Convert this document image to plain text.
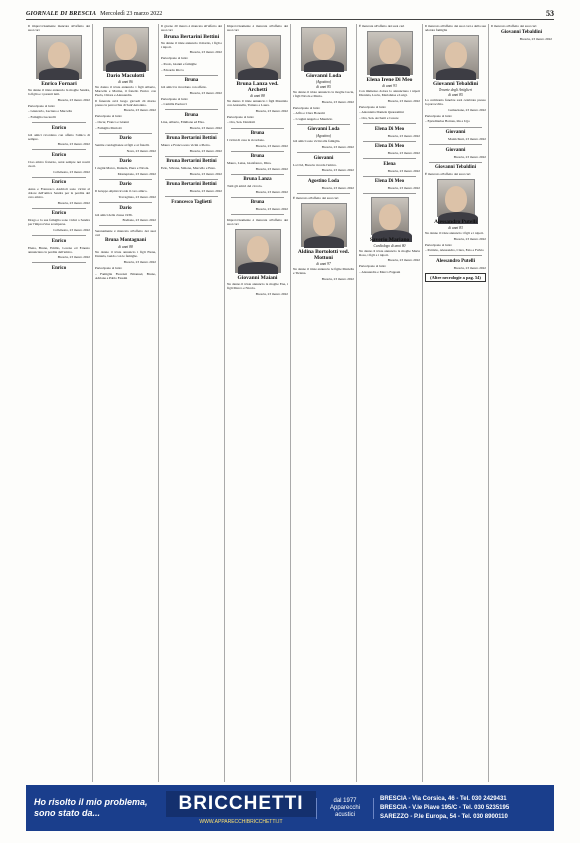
GIORNALE DI BRESCIA Mercoledì 23 marzo 2022	53

Il improvvisamente mancata all'affetto dei suoi cari

Enrico Fornari

Ne danno il triste annuncio la moglie Sandra, la figlia e i parenti tutti.

Brescia, 23 marzo 2022

Partecipano al lutto:

– Giancarlo, Luciano e Marcella

– Famiglia Lucarelli

Enrico

Gli amici ricordano con affetto l'amico di sempre.

Brescia, 23 marzo 2022
Enrico

Ciao amico fraterno, sarai sempre nei nostri cuori.

Collebeato, 23 marzo 2022
Enrico

Anna e Francesco Andrioli sono vicini al dolore dell'amica Sandra per la perdita del caro amico.

Brescia, 23 marzo 2022
Enrico

Drago e la sua famiglia sono vicini a Sandra per l'improvvisa scomparsa.

Collebeato, 23 marzo 2022
Enrico

Elena, Bruna, Emilio, Lorena ed Ernesto annunciano la perdita dell'amico.

Brescia, 23 marzo 2022
Enrico
Dario Maculotti
di anni 86

Ne danno il triste annuncio i figli Alberto, Marcella e Marina, il fratello Enrico con Paola, Chiara e Alessandra.

Il funerale avrà luogo giovedì 24 marzo presso la parrocchia di Sant'Antonino.

Brescia, 23 marzo 2022

Partecipano al lutto:

– Oscar, Franco e Gianni

– Famiglia Mariotti

Dario

Sentite condoglianze ai figli e ai fratelli.

Nave, 23 marzo 2022
Dario

I cugini Marco, Daniela, Piera e Nicola.

Montepiano, 23 marzo 2022
Dario

Il Gruppo Alpini ricorda il caro amico.

Travagliato, 23 marzo 2022
Dario

Gli amici della classe 1936.

Bodiano, 23 marzo 2022

Serenamente è mancata all'affetto dei suoi cari

Bruna Montagnani
di anni 88

Ne danno il triste annuncio i figli Elena, Daniela, Guido con le famiglie.

Brescia, 23 marzo 2022

Partecipano al lutto:

– Famiglia Fiorenzi Emanuel, Bruno, Adriana e Pablo Fassini

Il giorno 20 marzo è mancata all'affetto dei suoi cari

Bruna Bertarini Bettini

Ne danno il triste annuncio il marito, i figli e i nipoti.

Brescia, 23 marzo 2022

Partecipano al lutto:

– Paolo, Gianni e famiglie

– Edoardo Ricca

Bruna

Gli amici la ricordano con affetto.

Brescia, 23 marzo 2022

Partecipano al lutto:

– Camilla Paolucci

Bruna

Lina, Alberto, Emiliana ed Elsa.

Brescia, 23 marzo 2022
Bruna Bertarini Bettini

Mauro e Franca sono vicini a Pietro.

Brescia, 23 marzo 2022
Bruna Bertarini Bettini

Ezio, Silvana, Simone, Marcello e Enzo.

Brescia, 23 marzo 2022
Bruna Bertarini Bettini
Brescia, 23 marzo 2022
Francesco Taglietti

Improvvisamente è mancata all'affetto dei suoi cari

Bruna Lanza ved. Archetti
di anni 88

Ne danno il triste annuncio i figli Maurizio con Antonella, Tiziano e Laura.

Brescia, 23 marzo 2022

Partecipano al lutto:

– Ora, Sen. Danilotti

Bruna

I vicini di casa la ricordano.

Brescia, 23 marzo 2022
Bruna

Mauro, Luisa, Gianfranco, Dina.

Brescia, 23 marzo 2022
Bruna Lanza

Tutti gli amici del circolo.

Brescia, 23 marzo 2022
Bruna
Brescia, 23 marzo 2022

Improvvisamente è mancata all'affetto dei suoi cari

Giovanni Maiani

Ne danno il triste annuncio la moglie Ena, i figli Marco e Nicola.

Brescia, 23 marzo 2022
Giovanni Loda
(Agostino)
di anni 85

Ne danno il triste annuncio la moglie Lucia, i figli Nicola e Maria.

Brescia, 23 marzo 2022

Partecipano al lutto:

– Alfio e Clara Bonomi

– I cugini Angelo e Maurizio

Giovanni Loda
(Agostino)

Gli amici sono vicini alla famiglia.

Brescia, 23 marzo 2022
Giovanni

La Cbd, Brescia ricorda l'amico.

Brescia, 23 marzo 2022
Agostino Loda
Brescia, 23 marzo 2022

È mancato all'affetto dei suoi cari

Aldina Bortolotti ved. Mottoni
di anni 97

Ne danno il triste annuncio le figlie Mariella e Tiziana.

Brescia, 23 marzo 2022

È mancata all'affetto dei suoi cari

Elena Irene Di Meo
di anni 93

Con immenso dolore lo annunciano i nipoti Dionisia, Lucia, Marialuisa e Luigi.

Brescia, 23 marzo 2022

Partecipano al lutto:

– Antonietta Daniela Quaresmini

– Ora, Sen. Archetti e Cesare

Elena Di Meo
Brescia, 23 marzo 2022
Elena Di Meo
Brescia, 23 marzo 2022
Elena
Brescia, 23 marzo 2022
Elena Di Meo
Brescia, 23 marzo 2022
Saverio Mariano
Cardiologo di anni 80

Ne danno il triste annuncio la moglie Maria Rosa, i figli e i nipoti.

Brescia, 23 marzo 2022

Partecipano al lutto:

– Alessandra e Marco Fappani

Il mancato all'affetto dei suoi cari e della sua adorata famiglia

Giovanni Tebaldini
Tenente degli Artiglieri
di anni 85

La cerimonia funebre sarà celebrata presso la parrocchia.

Lumezzane, 23 marzo 2022

Partecipano al lutto:

– Epruditerise Bornus, Ida e Ugo

Giovanni
Montichiari, 23 marzo 2022
Giovanni
Brescia, 23 marzo 2022
Giovanni Tebaldini

È mancato all'affetto dei suoi cari

Alessandro Putelli
di anni 83

Ne danno il triste annuncio i figli e i nipoti.

Brescia, 23 marzo 2022

Partecipano al lutto:

– Patrizio, Alessandro, Clara, Ezio e Fulvio

Alessandro Putelli
Brescia, 23 marzo 2022
(Altre necrologie a pag. 54)

Il mancato all'affetto dei suoi cari

Giovanni Tebaldini
Brescia, 23 marzo 2022
Ho risolto il mio problema,
sono stato da...	BRICCHETTI
WWW.APPARECCHIBRICCHETTI.IT
dal 1977
Apparecchi
acustici
BRESCIA - Via Corsica, 46 - Tel. 030 2429431
BRESCIA - V.le Piave 195/C - Tel. 030 5235195
SAREZZO - P.le Europa, 54 - Tel. 030 8900110
